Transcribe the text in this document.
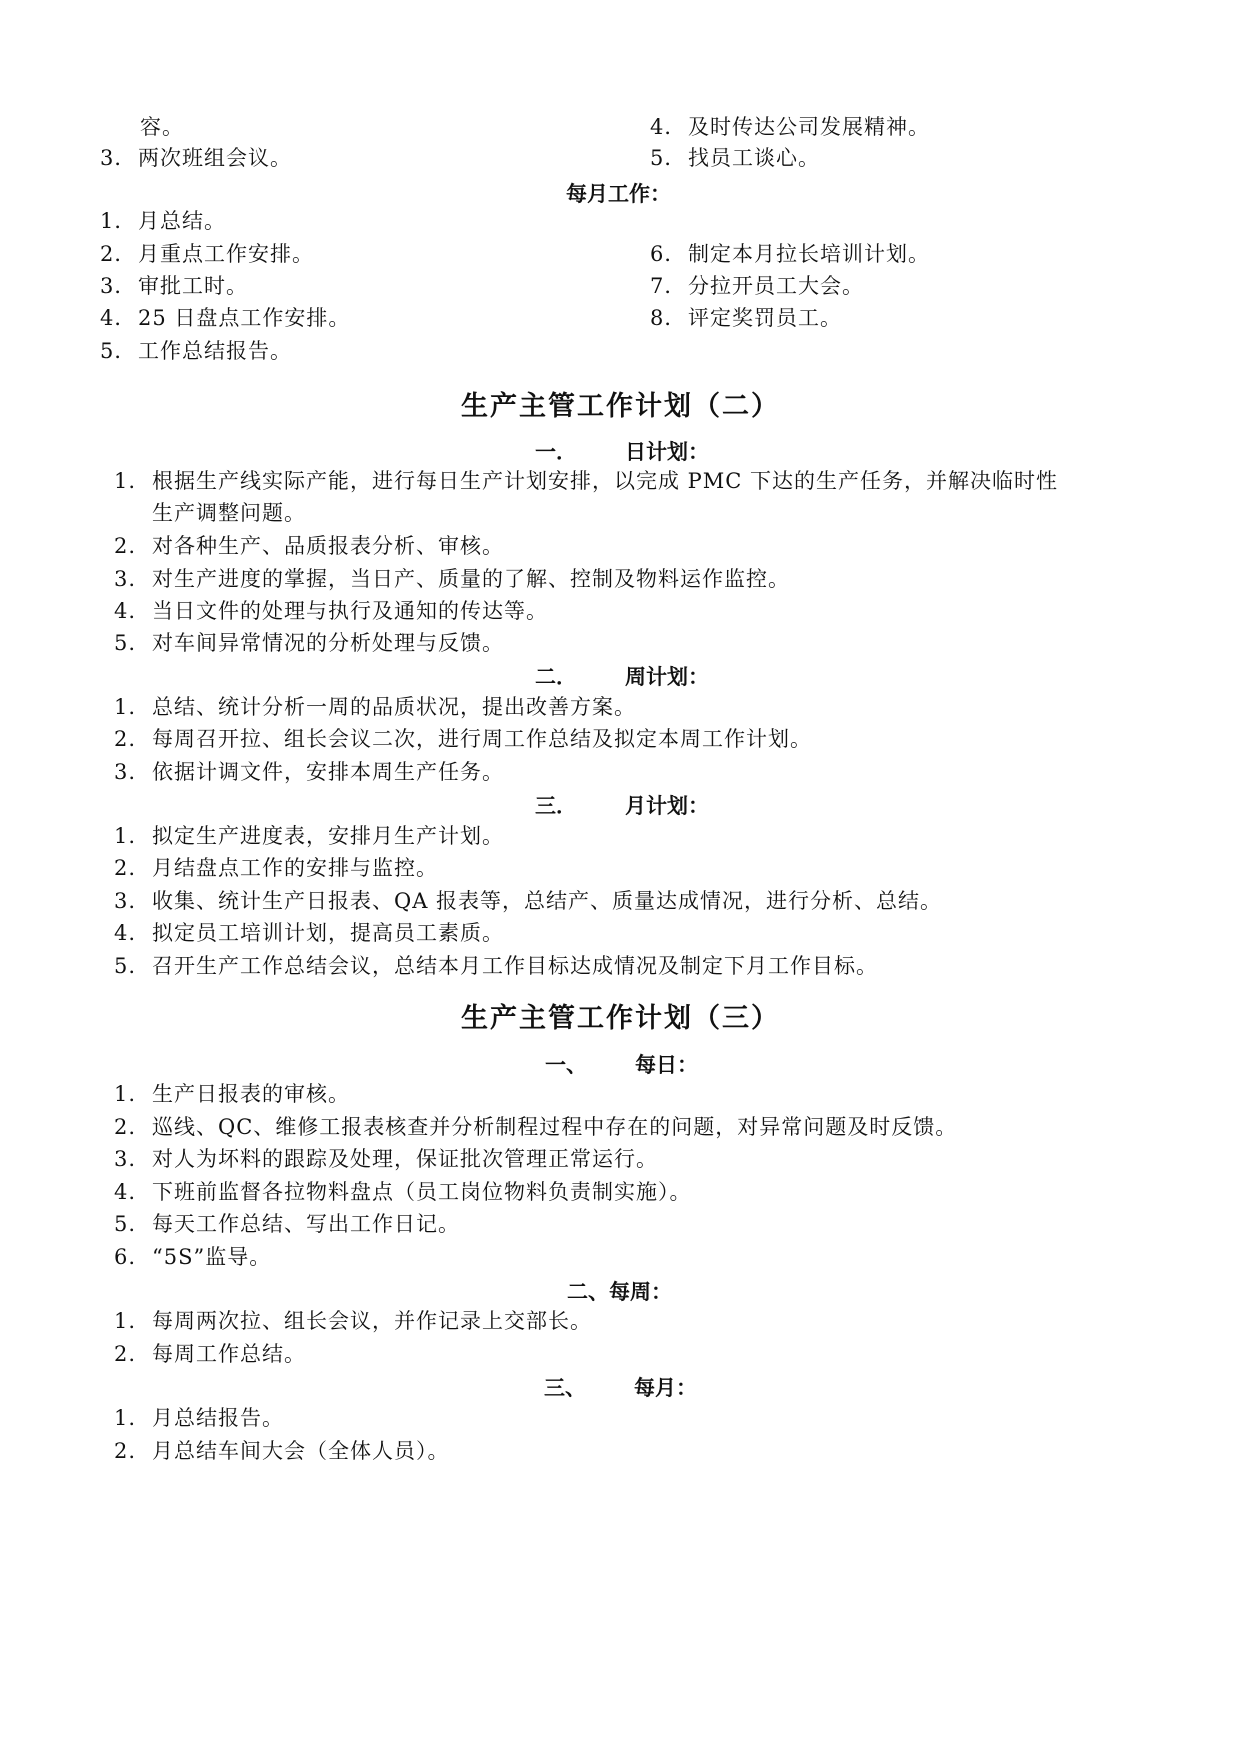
容。	4．及时传达公司发展精神。
3．两次班组会议。	5．找员工谈心。
每月工作：
1．月总结。
2．月重点工作安排。	6．制定本月拉长培训计划。
3．审批工时。	7．分拉开员工大会。
4．25 日盘点工作安排。	8．评定奖罚员工。
5．工作总结报告。
生产主管工作计划（二）
一． 日计划：
1. 根据生产线实际产能，进行每日生产计划安排，以完成 PMC 下达的生产任务，并解决临时性
生产调整问题。
2. 对各种生产、品质报表分析、审核。
3. 对生产进度的掌握，当日产、质量的了解、控制及物料运作监控。
4. 当日文件的处理与执行及通知的传达等。
5. 对车间异常情况的分析处理与反馈。
二． 周计划：
1. 总结、统计分析一周的品质状况，提出改善方案。
2. 每周召开拉、组长会议二次，进行周工作总结及拟定本周工作计划。
3. 依据计调文件，安排本周生产任务。
三． 月计划：
1. 拟定生产进度表，安排月生产计划。
2. 月结盘点工作的安排与监控。
3. 收集、统计生产日报表、QA 报表等，总结产、质量达成情况，进行分析、总结。
4. 拟定员工培训计划，提高员工素质。
5. 召开生产工作总结会议，总结本月工作目标达成情况及制定下月工作目标。
生产主管工作计划（三）
一、 每日：
1. 生产日报表的审核。
2. 巡线、QC、维修工报表核查并分析制程过程中存在的问题，对异常问题及时反馈。
3. 对人为坏料的跟踪及处理，保证批次管理正常运行。
4. 下班前监督各拉物料盘点（员工岗位物料负责制实施）。
5. 每天工作总结、写出工作日记。
6. “5S”监导。
二、每周：
1. 每周两次拉、组长会议，并作记录上交部长。
2. 每周工作总结。
三、 每月：
1. 月总结报告。
2. 月总结车间大会（全体人员）。
